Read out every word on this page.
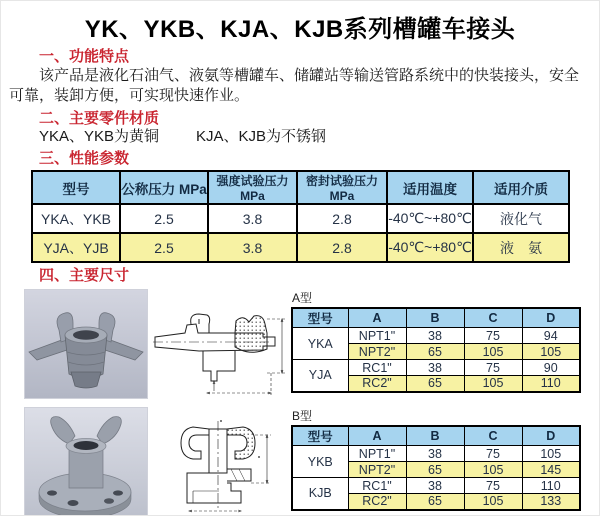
YK、YKB、KJA、KJB系列槽罐车接头
一、功能特点

该产品是液化石油气、液氨等槽罐车、储罐站等输送管路系统中的快装接头，安全可靠，装卸方便，可实现快速作业。

二、主要零件材质
YKA、YKB为黄铜 KJA、KJB为不锈钢
三、性能参数
型号	公称压力 MPa	强度试验压力MPa	密封试验压力MPa	适用温度	适用介质
YKA、YKB	2.5	3.8	2.8	-40℃~+80℃	液化气
YJA、YJB	2.5	3.8	2.8	-40℃~+80℃	液　氨
四、主要尺寸
A型
型号	A	B	C	D
YKA	NPT1"	38	75	94
	NPT2"	65	105	105
YJA	RC1"	38	75	90
	RC2"	65	105	110
B型
型号	A	B	C	D
YKB	NPT1"	38	75	105
	NPT2"	65	105	145
KJB	RC1"	38	75	110
	RC2"	65	105	133
